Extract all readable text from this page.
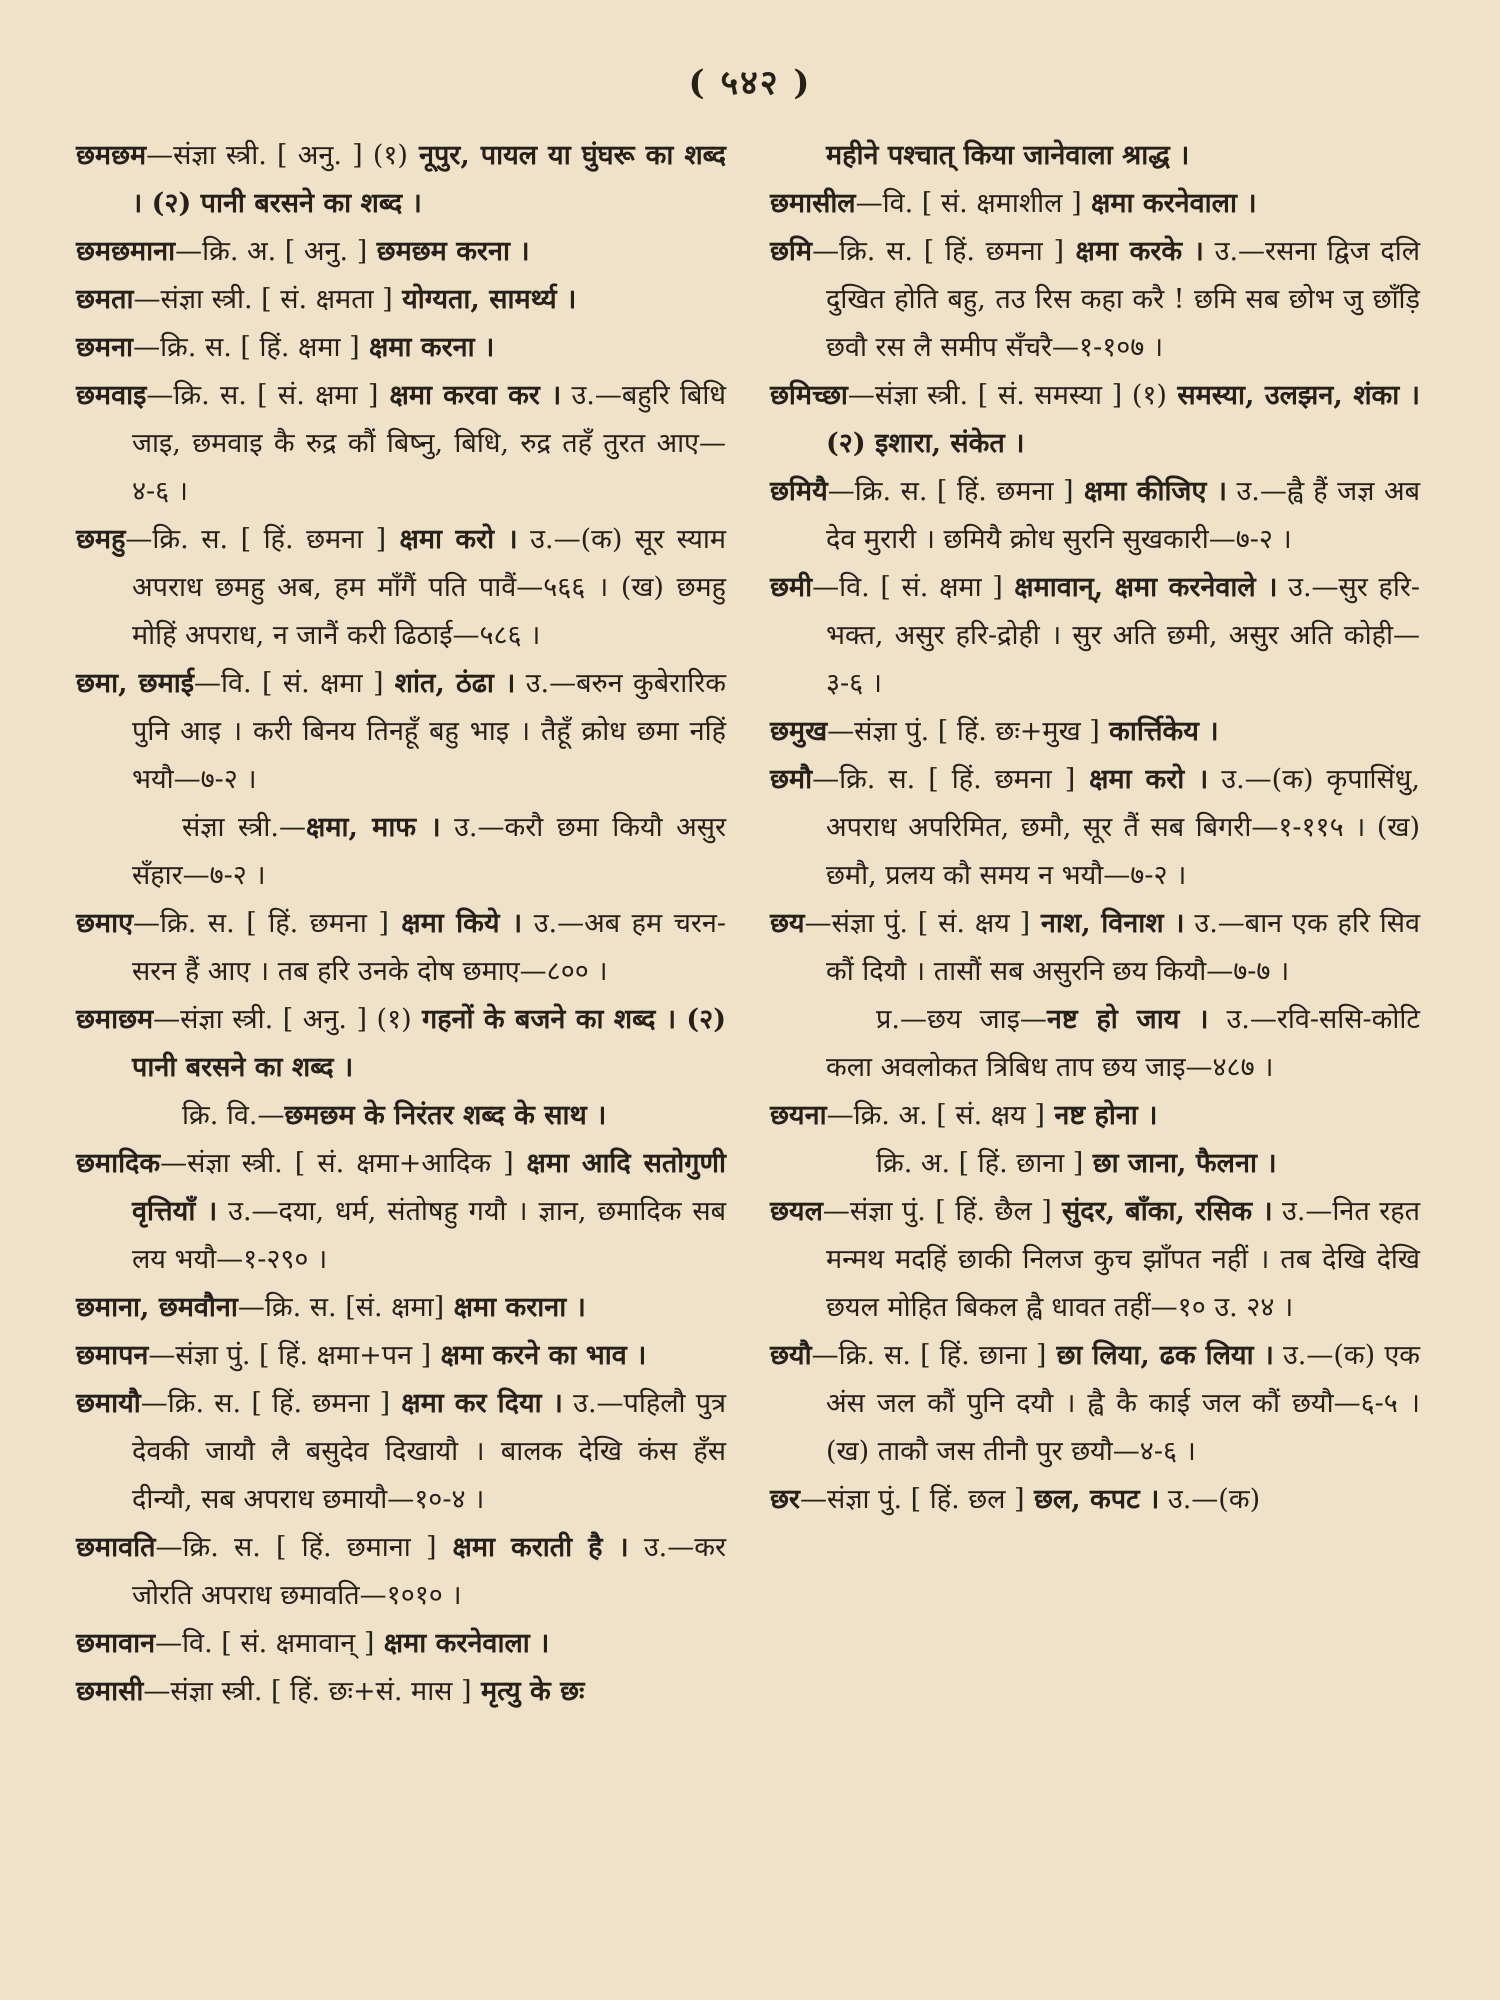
( ५४२ )

छमछम—संज्ञा स्त्री. [ अनु. ] (१) नूपुर, पायल या घुंघरू का शब्द । (२) पानी बरसने का शब्द ।

छमछमाना—क्रि. अ. [ अनु. ] छमछम करना ।

छमता—संज्ञा स्त्री. [ सं. क्षमता ] योग्यता, सामर्थ्य ।

छमना—क्रि. स. [ हिं. क्षमा ] क्षमा करना ।

छमवाइ—क्रि. स. [ सं. क्षमा ] क्षमा करवा कर । उ.—बहुरि बिधि जाइ, छमवाइ कै रुद्र कौं बिष्नु, बिधि, रुद्र तहँ तुरत आए—४-६ ।

छमहु—क्रि. स. [ हिं. छमना ] क्षमा करो । उ.—(क) सूर स्याम अपराध छमहु अब, हम माँगैं पति पावैं—५६६ । (ख) छमहु मोहिं अपराध, न जानैं करी ढिठाई—५८६ ।

छमा, छमाई—वि. [ सं. क्षमा ] शांत, ठंढा । उ.—बरुन कुबेरारिक पुनि आइ । करी बिनय तिनहूँ बहु भाइ । तैहूँ क्रोध छमा नहिं भयौ—७-२ ।

संज्ञा स्त्री.—क्षमा, माफ । उ.—करौ छमा कियौ असुर सँहार—७-२ ।

छमाए—क्रि. स. [ हिं. छमना ] क्षमा किये । उ.—अब हम चरन-सरन हैं आए । तब हरि उनके दोष छमाए—८०० ।

छमाछम—संज्ञा स्त्री. [ अनु. ] (१) गहनों के बजने का शब्द । (२) पानी बरसने का शब्द ।

क्रि. वि.—छमछम के निरंतर शब्द के साथ ।

छमादिक—संज्ञा स्त्री. [ सं. क्षमा+आदिक ] क्षमा आदि सतोगुणी वृत्तियाँ । उ.—दया, धर्म, संतोषहु गयौ । ज्ञान, छमादिक सब लय भयौ—१-२९० ।

छमाना, छमवौना—क्रि. स. [सं. क्षमा] क्षमा कराना ।

छमापन—संज्ञा पुं. [ हिं. क्षमा+पन ] क्षमा करने का भाव ।

छमायौ—क्रि. स. [ हिं. छमना ] क्षमा कर दिया । उ.—पहिलौ पुत्र देवकी जायौ लै बसुदेव दिखायौ । बालक देखि कंस हँस दीन्यौ, सब अपराध छमायौ—१०-४ ।

छमावति—क्रि. स. [ हिं. छमाना ] क्षमा कराती है । उ.—कर जोरति अपराध छमावति—१०१० ।

छमावान—वि. [ सं. क्षमावान् ] क्षमा करनेवाला ।

छमासी—संज्ञा स्त्री. [ हिं. छः+सं. मास ] मृत्यु के छः

महीने पश्चात् किया जानेवाला श्राद्ध ।

छमासील—वि. [ सं. क्षमाशील ] क्षमा करनेवाला ।

छमि—क्रि. स. [ हिं. छमना ] क्षमा करके । उ.—रसना द्विज दलि दुखित होति बहु, तउ रिस कहा करै ! छमि सब छोभ जु छाँड़ि छवौ रस लै समीप सँचरै—१-१०७ ।

छमिच्छा—संज्ञा स्त्री. [ सं. समस्या ] (१) समस्या, उलझन, शंका । (२) इशारा, संकेत ।

छमियै—क्रि. स. [ हिं. छमना ] क्षमा कीजिए । उ.—ह्वै हैं जज्ञ अब देव मुरारी । छमियै क्रोध सुरनि सुखकारी—७-२ ।

छमी—वि. [ सं. क्षमा ] क्षमावान्, क्षमा करनेवाले । उ.—सुर हरि-भक्त, असुर हरि-द्रोही । सुर अति छमी, असुर अति कोही—३-६ ।

छमुख—संज्ञा पुं. [ हिं. छः+मुख ] कार्त्तिकेय ।

छमौ—क्रि. स. [ हिं. छमना ] क्षमा करो । उ.—(क) कृपासिंधु, अपराध अपरिमित, छमौ, सूर तैं सब बिगरी—१-११५ । (ख) छमौ, प्रलय कौ समय न भयौ—७-२ ।

छय—संज्ञा पुं. [ सं. क्षय ] नाश, विनाश । उ.—बान एक हरि सिव कौं दियौ । तासौं सब असुरनि छय कियौ—७-७ ।

प्र.—छय जाइ—नष्ट हो जाय । उ.—रवि-ससि-कोटि कला अवलोकत त्रिबिध ताप छय जाइ—४८७ ।

छयना—क्रि. अ. [ सं. क्षय ] नष्ट होना ।

क्रि. अ. [ हिं. छाना ] छा जाना, फैलना ।

छयल—संज्ञा पुं. [ हिं. छैल ] सुंदर, बाँका, रसिक । उ.—नित रहत मन्मथ मदहिं छाकी निलज कुच झाँपत नहीं । तब देखि देखि छयल मोहित बिकल ह्वै धावत तहीं—१० उ. २४ ।

छयौ—क्रि. स. [ हिं. छाना ] छा लिया, ढक लिया । उ.—(क) एक अंस जल कौं पुनि दयौ । ह्वै कै काई जल कौं छयौ—६-५ । (ख) ताकौ जस तीनौ पुर छयौ—४-६ ।

छर—संज्ञा पुं. [ हिं. छल ] छल, कपट । उ.—(क)
